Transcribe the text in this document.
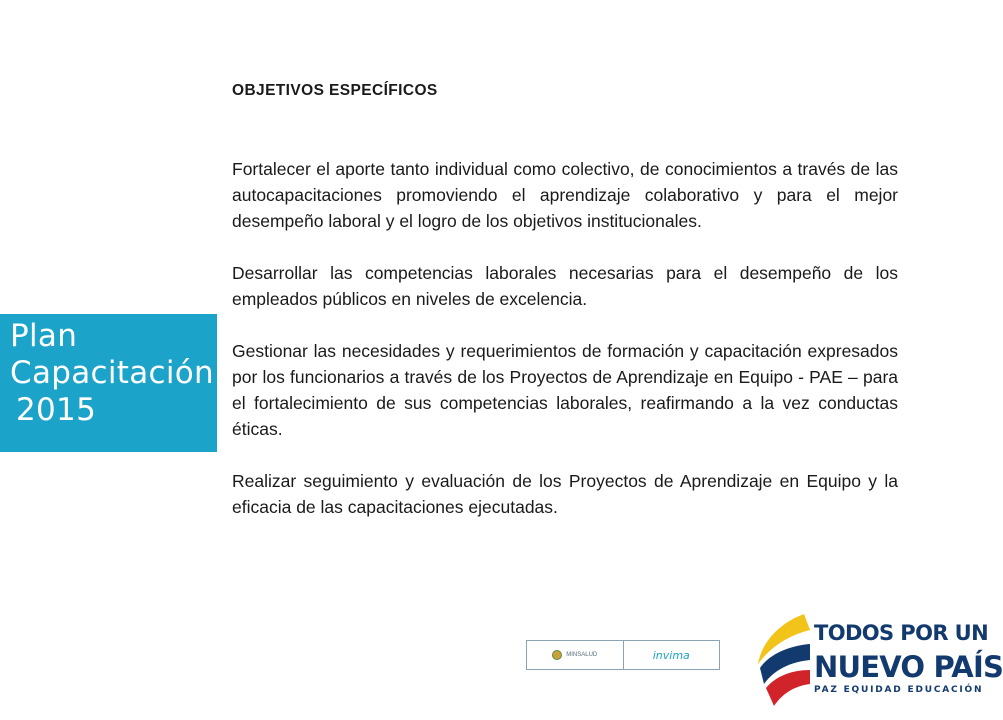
Plan
Capacitación
2015
OBJETIVOS ESPECÍFICOS

Fortalecer el aporte tanto individual como colectivo, de conocimientos a través de las autocapacitaciones promoviendo el aprendizaje colaborativo y para el mejor desempeño laboral y el logro de los objetivos institucionales.

Desarrollar las competencias laborales necesarias para el desempeño de los empleados públicos en niveles de excelencia.

Gestionar las necesidades y requerimientos de formación y capacitación expresados por los funcionarios a través de los Proyectos de Aprendizaje en Equipo - PAE – para el fortalecimiento de sus competencias laborales, reafirmando a la vez conductas éticas.

Realizar seguimiento y evaluación de los Proyectos de Aprendizaje en Equipo y la eficacia de las capacitaciones ejecutadas.

MINSALUD	invima

TODOS POR UN

NUEVO PAÍS

PAZ EQUIDAD EDUCACIÓN
